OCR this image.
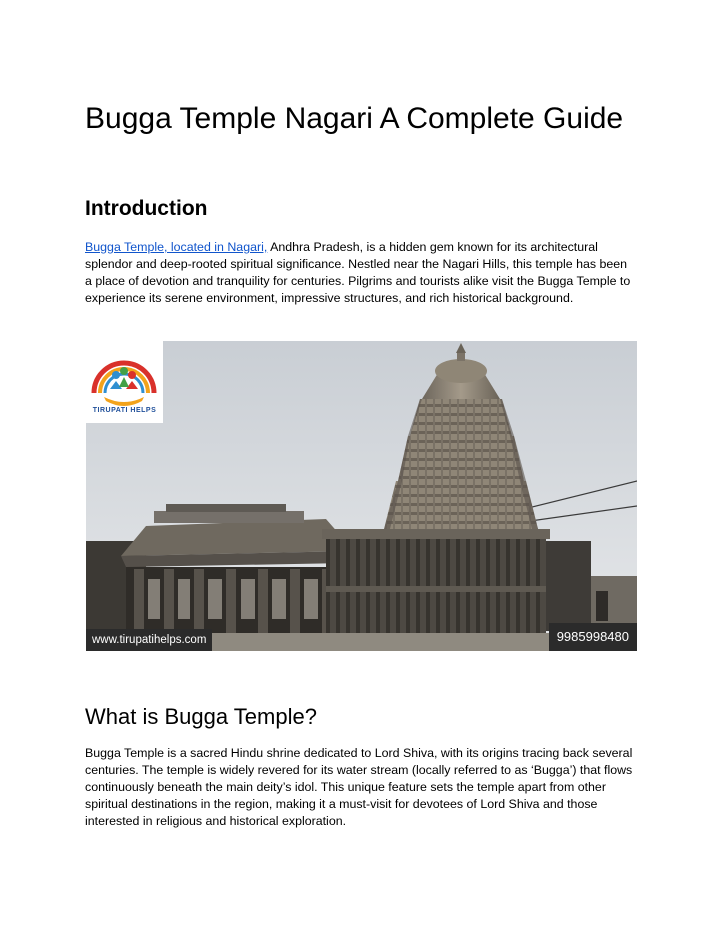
Bugga Temple Nagari A Complete Guide
Introduction

Bugga Temple, located in Nagari, Andhra Pradesh, is a hidden gem known for its architectural splendor and deep-rooted spiritual significance. Nestled near the Nagari Hills, this temple has been a place of devotion and tranquility for centuries. Pilgrims and tourists alike visit the Bugga Temple to experience its serene environment, impressive structures, and rich historical background.

TIRUPATI HELPS
www.tirupatihelps.com	9985998480
What is Bugga Temple?

Bugga Temple is a sacred Hindu shrine dedicated to Lord Shiva, with its origins tracing back several centuries. The temple is widely revered for its water stream (locally referred to as ‘Bugga’) that flows continuously beneath the main deity’s idol. This unique feature sets the temple apart from other spiritual destinations in the region, making it a must-visit for devotees of Lord Shiva and those interested in religious and historical exploration.
